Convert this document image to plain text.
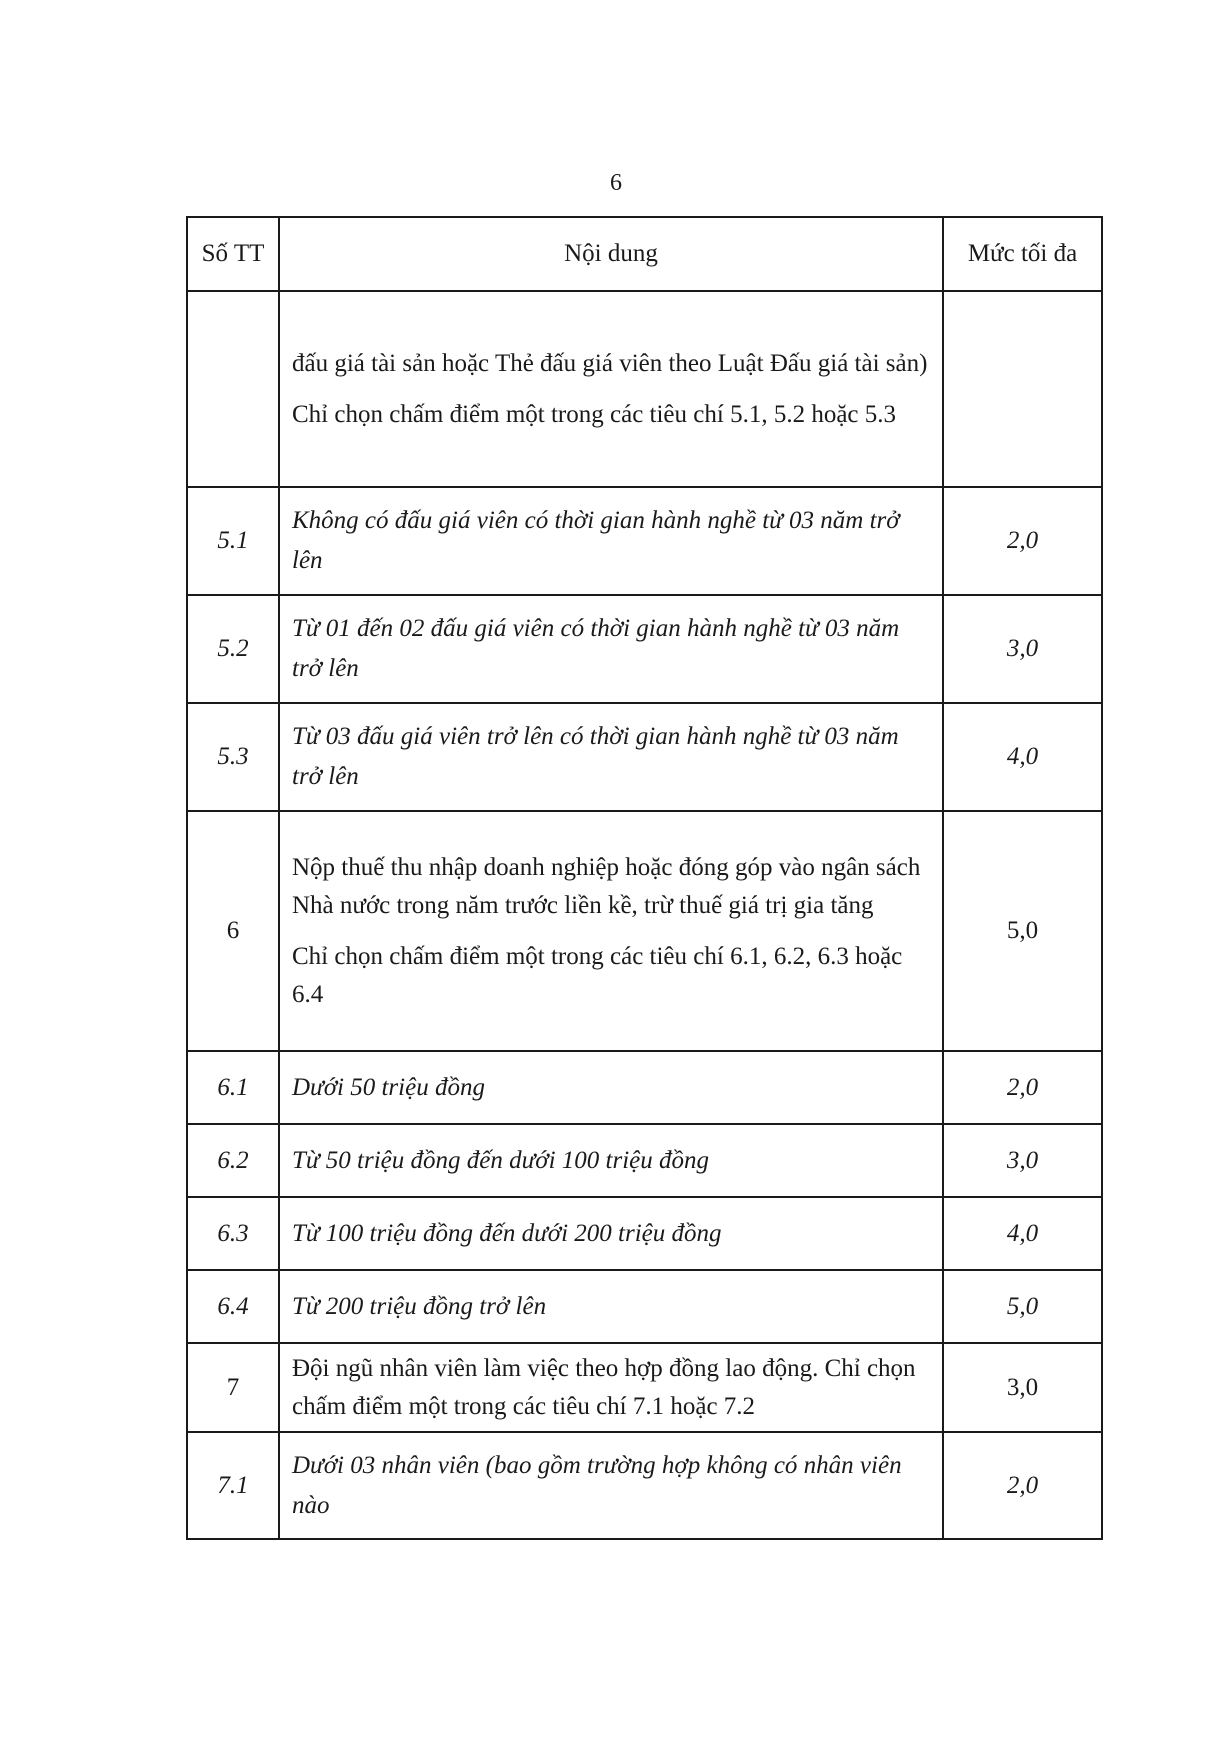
6
Số TT	Nội dung	Mức tối đa

	đấu giá tài sản hoặc Thẻ đấu giá viên theo Luật Đấu giá tài sản)

Chỉ chọn chấm điểm một trong các tiêu chí 5.1, 5.2 hoặc 5.3	

5.1	Không có đấu giá viên có thời gian hành nghề từ 03 năm trở lên	2,0
5.2	Từ 01 đến 02 đấu giá viên có thời gian hành nghề từ 03 năm trở lên	3,0
5.3	Từ 03 đấu giá viên trở lên có thời gian hành nghề từ 03 năm trở lên	4,0
6	Nộp thuế thu nhập doanh nghiệp hoặc đóng góp vào ngân sách Nhà nước trong năm trước liền kề, trừ thuế giá trị gia tăng

Chỉ chọn chấm điểm một trong các tiêu chí 6.1, 6.2, 6.3 hoặc 6.4	5,0
6.1	Dưới 50 triệu đồng	2,0
6.2	Từ 50 triệu đồng đến dưới 100 triệu đồng	3,0
6.3	Từ 100 triệu đồng đến dưới 200 triệu đồng	4,0
6.4	Từ 200 triệu đồng trở lên	5,0
7	Đội ngũ nhân viên làm việc theo hợp đồng lao động. Chỉ chọn chấm điểm một trong các tiêu chí 7.1 hoặc 7.2	3,0
7.1	Dưới 03 nhân viên (bao gồm trường hợp không có nhân viên nào	2,0
